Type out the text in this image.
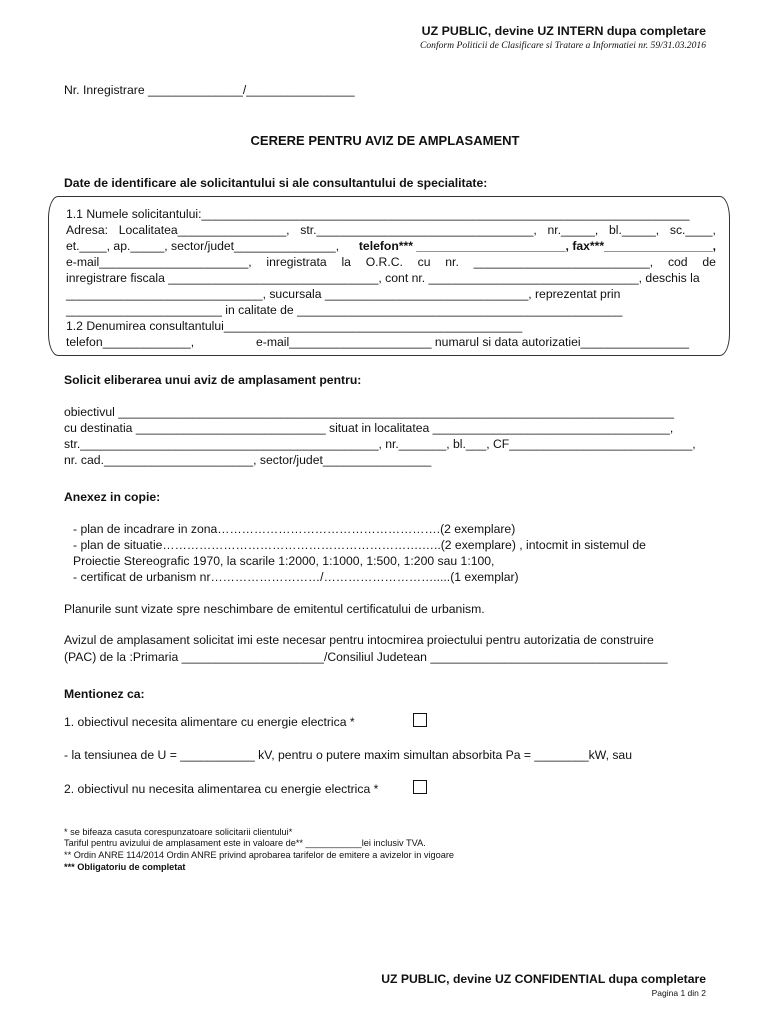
UZ PUBLIC, devine UZ INTERN dupa completare
Conform Politicii de Clasificare si Tratare a Informatiei nr. 59/31.03.2016
Nr. Inregistrare ______________/________________
CERERE PENTRU AVIZ DE AMPLASAMENT
Date de identificare ale solicitantului si ale consultantului de specialitate:
1.1 Numele solicitantului:________________________________________________________________________
Adresa: Localitatea________________, str.________________________________, nr._____, bl._____, sc.____,
et.____, ap._____, sector/judet_______________, telefon*** ______________________, fax***________________,
e-mail______________________, inregistrata la O.R.C. cu nr. __________________________, cod de
inregistrare fiscala _______________________________, cont nr. _______________________________, deschis la
_____________________________, sucursala ______________________________, reprezentat prin
_______________________ in calitate de ________________________________________________
1.2 Denumirea consultantului____________________________________________
telefon_____________,	e-mail_____________________ numarul si data autorizatiei________________
Solicit eliberarea unui aviz de amplasament pentru:
obiectivul __________________________________________________________________________________
cu destinatia ____________________________ situat in localitatea ___________________________________,
str.____________________________________________, nr._______, bl.___, CF___________________________,
nr. cad.______________________, sector/judet________________
Anexez in copie:
- plan de incadrare in zona……………………………………………….(2 exemplare)
- plan de situatie……………………………………………………….…..(2 exemplare) , intocmit in sistemul de
Proiectie Stereografic 1970, la scarile 1:2000, 1:1000, 1:500, 1:200 sau 1:100,
- certificat de urbanism nr………………………/……………………….....(1 exemplar)
Planurile sunt vizate spre neschimbare de emitentul certificatului de urbanism.
Avizul de amplasament solicitat imi este necesar pentru intocmirea proiectului pentru autorizatia de construire
(PAC) de la :Primaria _____________________/Consiliul Judetean ___________________________________
Mentionez ca:
1. obiectivul necesita alimentare cu energie electrica *
- la tensiunea de U = ___________ kV, pentru o putere maxim simultan absorbita Pa = ________kW, sau
2. obiectivul nu necesita alimentarea cu energie electrica *
* se bifeaza casuta corespunzatoare solicitarii clientului*
Tariful pentru avizului de amplasament este in valoare de** ___________lei inclusiv TVA.
** Ordin ANRE 114/2014 Ordin ANRE privind aprobarea tarifelor de emitere a avizelor in vigoare
*** Obligatoriu de completat
UZ PUBLIC, devine UZ CONFIDENTIAL dupa completare
Pagina 1 din 2
